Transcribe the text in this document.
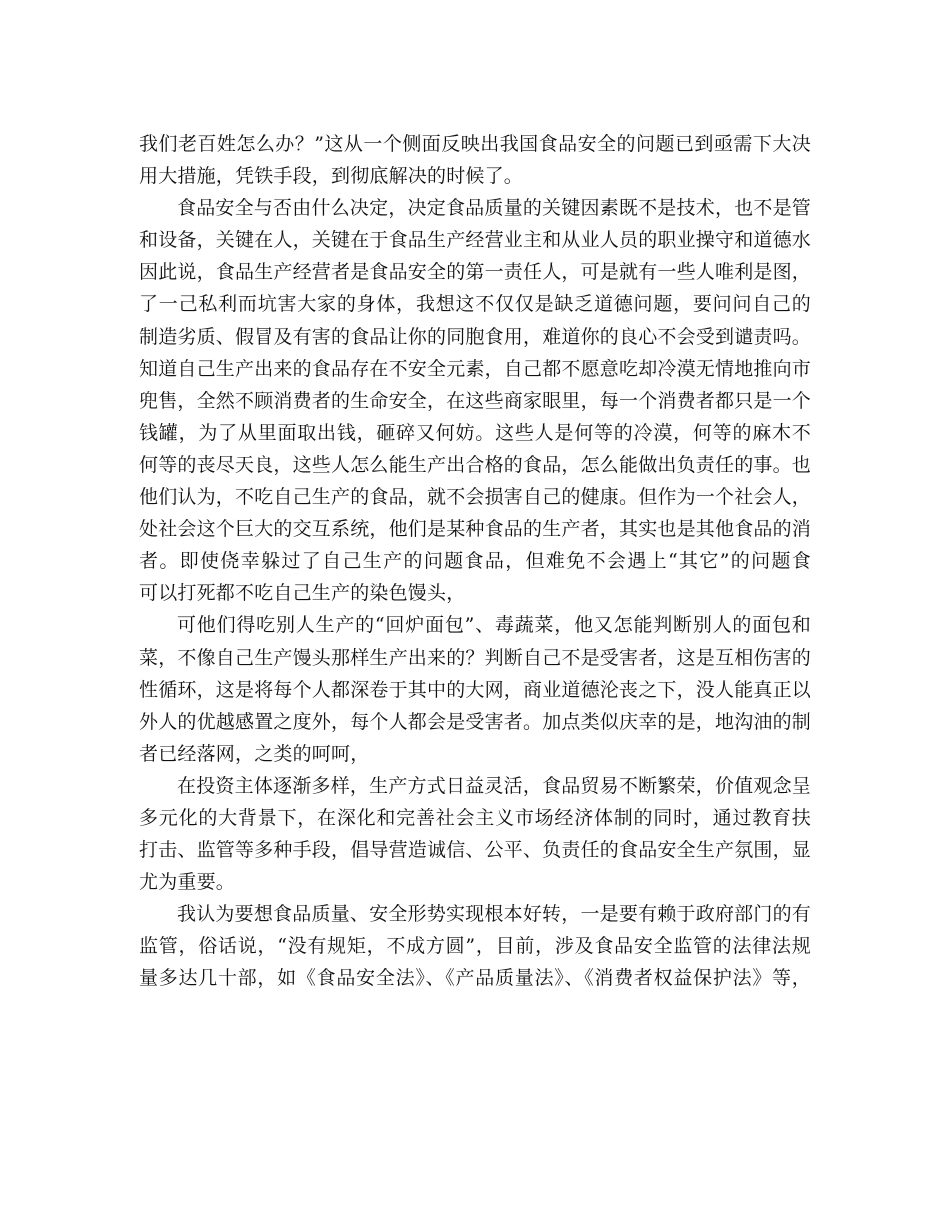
我们老百姓怎么办？”这从一个侧面反映出我国食品安全的问题已到亟需下大决
用大措施，凭铁手段，到彻底解决的时候了。
食品安全与否由什么决定，决定食品质量的关键因素既不是技术，也不是管
和设备，关键在人，关键在于食品生产经营业主和从业人员的职业操守和道德水
因此说，食品生产经营者是食品安全的第一责任人，可是就有一些人唯利是图，
了一己私利而坑害大家的身体，我想这不仅仅是缺乏道德问题，要问问自己的
制造劣质、假冒及有害的食品让你的同胞食用，难道你的良心不会受到谴责吗。
知道自己生产出来的食品存在不安全元素，自己都不愿意吃却冷漠无情地推向市
兜售，全然不顾消费者的生命安全，在这些商家眼里，每一个消费者都只是一个
钱罐，为了从里面取出钱，砸碎又何妨。这些人是何等的冷漠，何等的麻木不
何等的丧尽天良，这些人怎么能生产出合格的食品，怎么能做出负责任的事。也
他们认为，不吃自己生产的食品，就不会损害自己的健康。但作为一个社会人，
处社会这个巨大的交互系统，他们是某种食品的生产者，其实也是其他食品的消
者。即使侥幸躲过了自己生产的问题食品，但难免不会遇上“其它”的问题食
可以打死都不吃自己生产的染色馒头，
可他们得吃别人生产的“回炉面包”、毒蔬菜，他又怎能判断别人的面包和
菜，不像自己生产馒头那样生产出来的？判断自己不是受害者，这是互相伤害的
性循环，这是将每个人都深卷于其中的大网，商业道德沦丧之下，没人能真正以
外人的优越感置之度外，每个人都会是受害者。加点类似庆幸的是，地沟油的制
者已经落网，之类的呵呵，
在投资主体逐渐多样，生产方式日益灵活，食品贸易不断繁荣，价值观念呈
多元化的大背景下，在深化和完善社会主义市场经济体制的同时，通过教育扶
打击、监管等多种手段，倡导营造诚信、公平、负责任的食品安全生产氛围，显
尤为重要。
我认为要想食品质量、安全形势实现根本好转，一是要有赖于政府部门的有
监管，俗话说，“没有规矩，不成方圆”，目前，涉及食品安全监管的法律法规
量多达几十部，如《食品安全法》、《产品质量法》、《消费者权益保护法》等，
